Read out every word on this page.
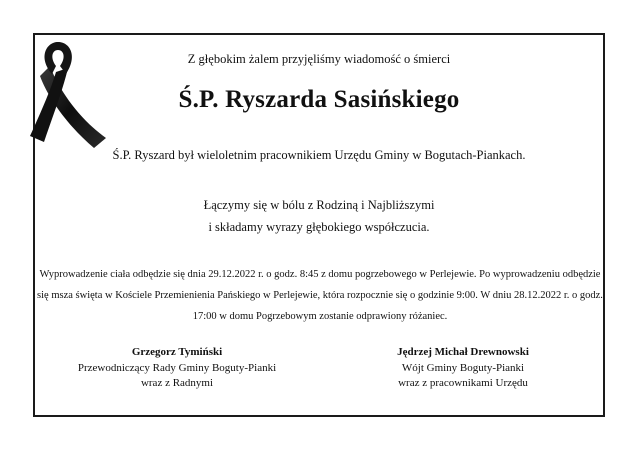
Z głębokim żalem przyjęliśmy wiadomość o śmierci
Ś.P. Ryszarda Sasińskiego
Ś.P. Ryszard był wieloletnim pracownikiem Urzędu Gminy w Bogutach-Piankach.
Łączymy się w bólu z Rodziną i Najbliższymi
i składamy wyrazy głębokiego współczucia.
Wyprowadzenie ciała odbędzie się dnia 29.12.2022 r. o godz. 8:45 z domu pogrzebowego w Perlejewie. Po wyprowadzeniu odbędzie się msza święta w Kościele Przemienienia Pańskiego w Perlejewie, która rozpocznie się o godzinie 9:00. W dniu 28.12.2022 r. o godz. 17:00 w domu Pogrzebowym zostanie odprawiony różaniec.
Grzegorz Tymiński
Przewodniczący Rady Gminy Boguty-Pianki
wraz z Radnymi
Jędrzej Michał Drewnowski
Wójt Gminy Boguty-Pianki
wraz z pracownikami Urzędu
